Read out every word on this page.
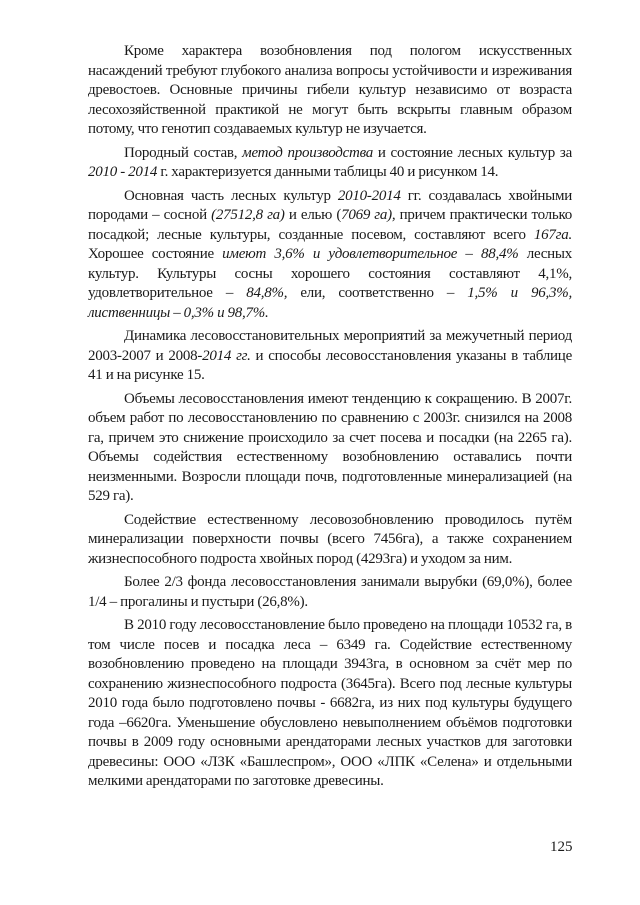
Кроме характера возобновления под пологом искусственных насаждений требуют глубокого анализа вопросы устойчивости и изреживания древостоев. Основные причины гибели культур независимо от возраста лесохозяйственной практикой не могут быть вскрыты главным образом потому, что генотип создаваемых культур не изучается.

Породный состав, метод производства и состояние лесных культур за 2010 - 2014 г. характеризуется данными таблицы 40 и рисунком 14.

Основная часть лесных культур 2010-2014 гг. создавалась хвойными породами – сосной (27512,8 га) и елью (7069 га), причем практически только посадкой; лесные культуры, созданные посевом, составляют всего 167га. Хорошее состояние имеют 3,6% и удовлетворительное – 88,4% лесных культур. Культуры сосны хорошего состояния составляют 4,1%, удовлетворительное – 84,8%, ели, соответственно – 1,5% и 96,3%, лиственницы – 0,3% и 98,7%.

Динамика лесовосстановительных мероприятий за межучетный период 2003-2007 и 2008-2014 гг. и способы лесовосстановления указаны в таблице 41 и на рисунке 15.

Объемы лесовосстановления имеют тенденцию к сокращению. В 2007г. объем работ по лесовосстановлению по сравнению с 2003г. снизился на 2008 га, причем это снижение происходило за счет посева и посадки (на 2265 га). Объемы содействия естественному возобновлению оставались почти неизменными. Возросли площади почв, подготовленные минерализацией (на 529 га).

Содействие естественному лесовозобновлению проводилось путём минерализации поверхности почвы (всего 7456га), а также сохранением жизнеспособного подроста хвойных пород (4293га) и уходом за ним.

Более 2/3 фонда лесовосстановления занимали вырубки (69,0%), более 1/4 – прогалины и пустыри (26,8%).

В 2010 году лесовосстановление было проведено на площади 10532 га, в том числе посев и посадка леса – 6349 га. Содействие естественному возобновлению проведено на площади 3943га, в основном за счёт мер по сохранению жизнеспособного подроста (3645га). Всего под лесные культуры 2010 года было подготовлено почвы - 6682га, из них под культуры будущего года –6620га. Уменьшение обусловлено невыполнением объёмов подготовки почвы в 2009 году основными арендаторами лесных участков для заготовки древесины: ООО «ЛЗК «Башлеспром», ООО «ЛПК «Селена» и отдельными мелкими арендаторами по заготовке древесины.

125
